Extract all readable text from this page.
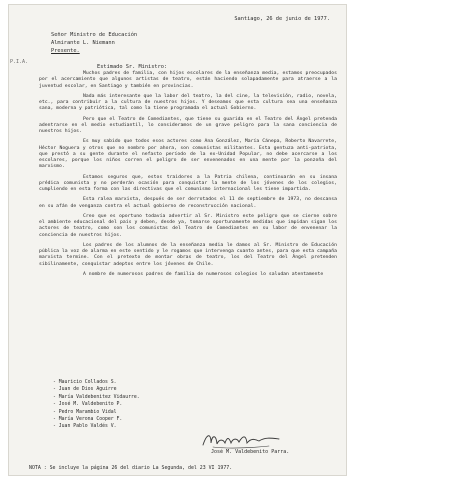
P.I.A.
Santiago, 26 de junio de 1977.
Señor Ministro de Educación
Almirante L. Niemann
Presente.
Estimado Sr. Ministro:

Muchos padres de familia, con hijos escolares de la enseñanza media, estamos preocupados por el acercamiento que algunos artistas de teatro, están haciendo solapadamente para atraerse a la juventud escolar, en Santiago y también en provincias.

Nada más interesante que la labor del teatro, la del cine, la televisión, radio, novela, etc., para contribuir a la cultura de nuestros hijos. Y deseamos que esta cultura sea una enseñanza sana, moderna y patriótica, tal como la tiene programada el actual Gobierno.

Pero que el Teatro de Comediantes, que tiene su guarida en el Teatro del Ángel pretenda adentrarse en el medio estudiantil, lo consideramos de un grave peligro para la sana conciencia de nuestros hijos.

Es muy sabido que todos esos actores como Ana González, María Cánepa, Roberto Navarrete, Héctor Noguera y otros que no nombro por ahora, son comunistas militantes. Esta gentuza anti-patriota, que prestó a su gente durante el nefasto período de la ex-Unidad Popular, no debe acercarse a los escolares, porque los niños corren el peligro de ser envenenados en una mente por la ponzoña del marxismo.

Estamos seguros que, estos traidores a la Patria chilena, continuarán en su insana prédica comunista y no perderán ocasión para conquistar la mente de los jóvenes de los colegios, cumpliendo en esta forma con las directivas que el comunismo internacional les tiene impartida.

Esta ralea marxista, después de ser derrotados el 11 de septiembre de 1973, no descansa en su afán de venganza contra el actual gobierno de reconstrucción nacional.

Creo que es oportuno todavía advertir al Sr. Ministro este peligro que se cierne sobre el ambiente educacional del país y deben, desde ya, tomarse oportunamente medidas que impidan sigan los actores de teatro, como son los comunistas del Teatro de Comediantes en su labor de envenenar la conciencia de nuestros hijos.

Los padres de los alumnos de la enseñanza media le damos al Sr. Ministro de Educación pública la voz de alarma en este sentido y le rogamos que intervenga cuanto antes, para que esta campaña marxista termine. Con el pretexto de montar obras de teatro, los del Teatro del Ángel pretenden sibilinamente, conquistar adeptos entre los jóvenes de Chile.

A nombre de numerosos padres de familia de numerosos colegios lo saludan atentamente
- Mauricio Collados S.
- Juan de Dios Aguirre
- María Valdebenitez Vidaurre.
- José M. Valdebenito P.
- Pedro Marambio Vidal
- María Verona Cooper F.
- Juan Pablo Valdés V.
José M. Valdebenito Parra.
NOTA : Se incluye la página 26 del diario La Segunda, del 23 VI 1977.
